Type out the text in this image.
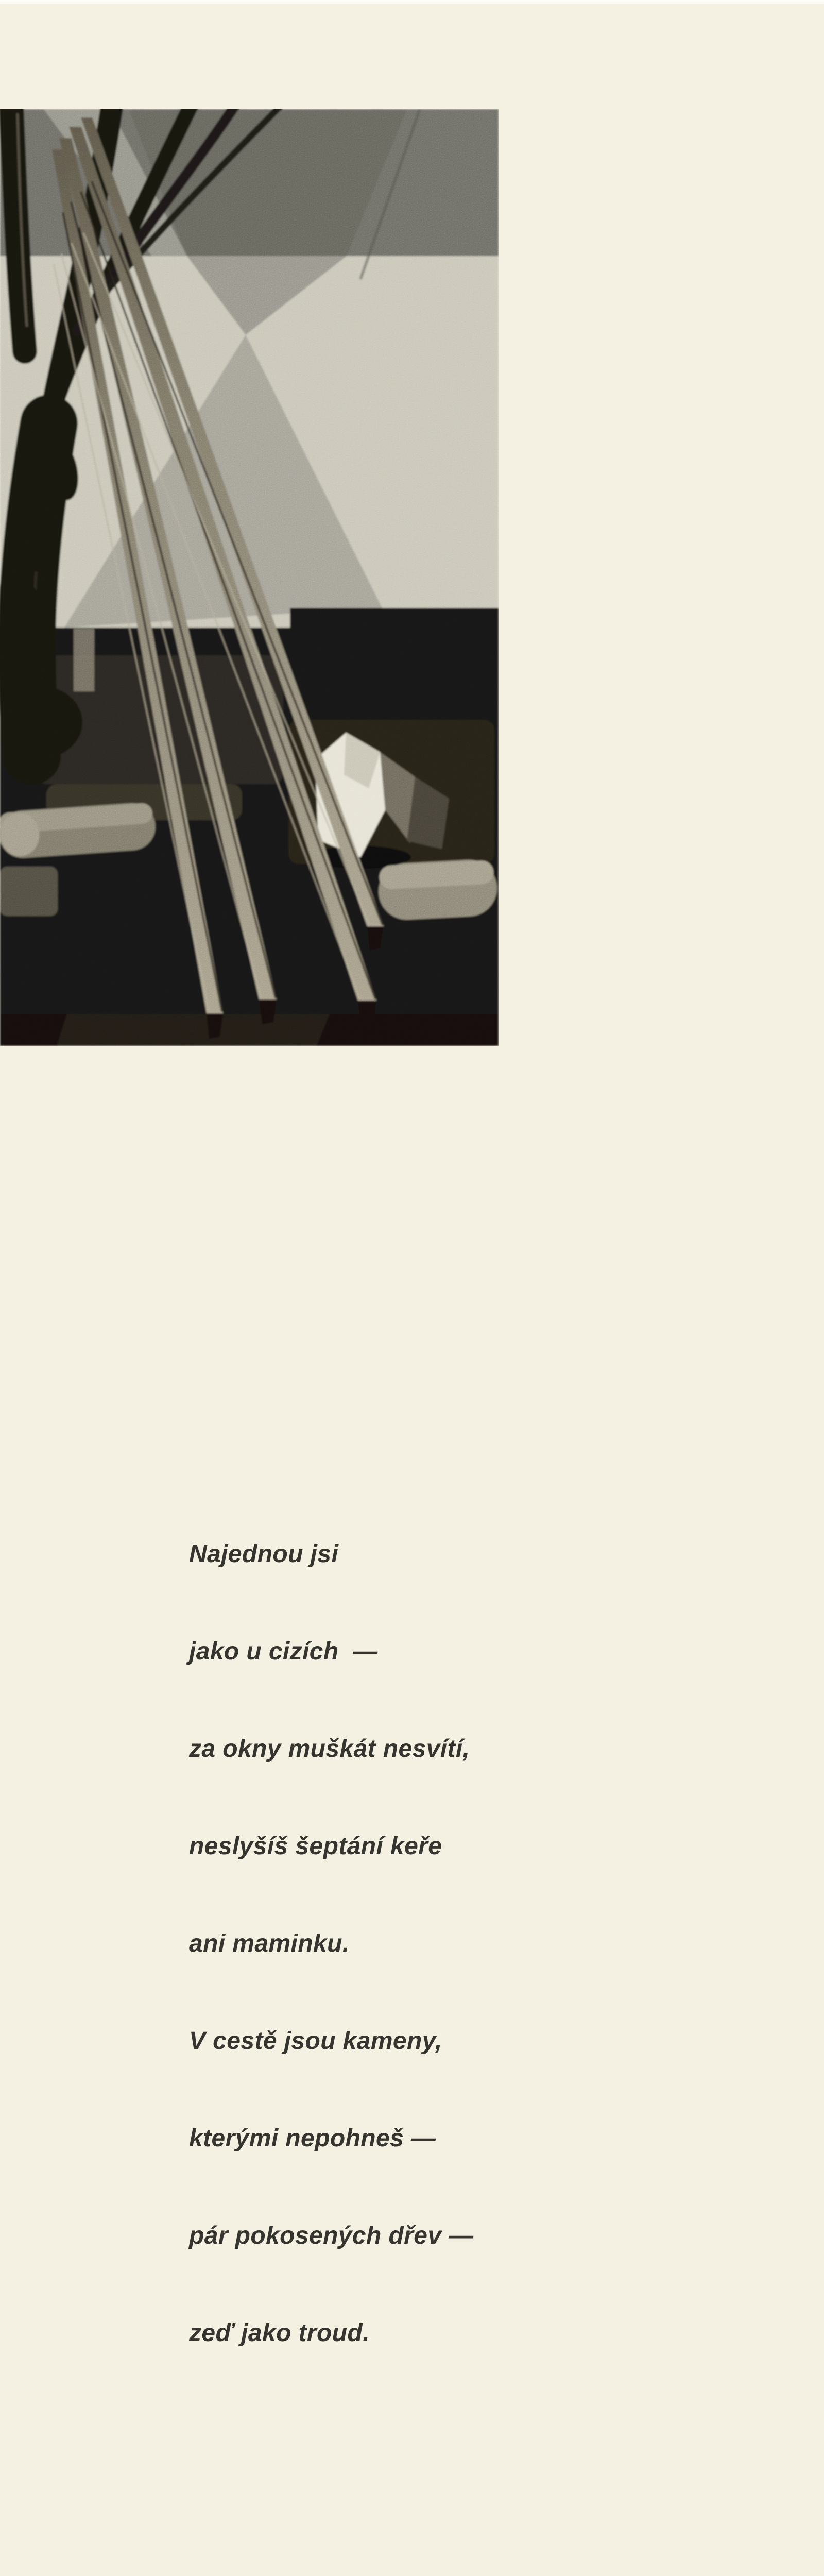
Najednou jsi

jako u cizích  —

za okny muškát nesvítí,

neslyšíš šeptání keře

ani maminku.

V cestě jsou kameny,

kterými nepohneš —

pár pokosených dřev —

zeď jako troud.
